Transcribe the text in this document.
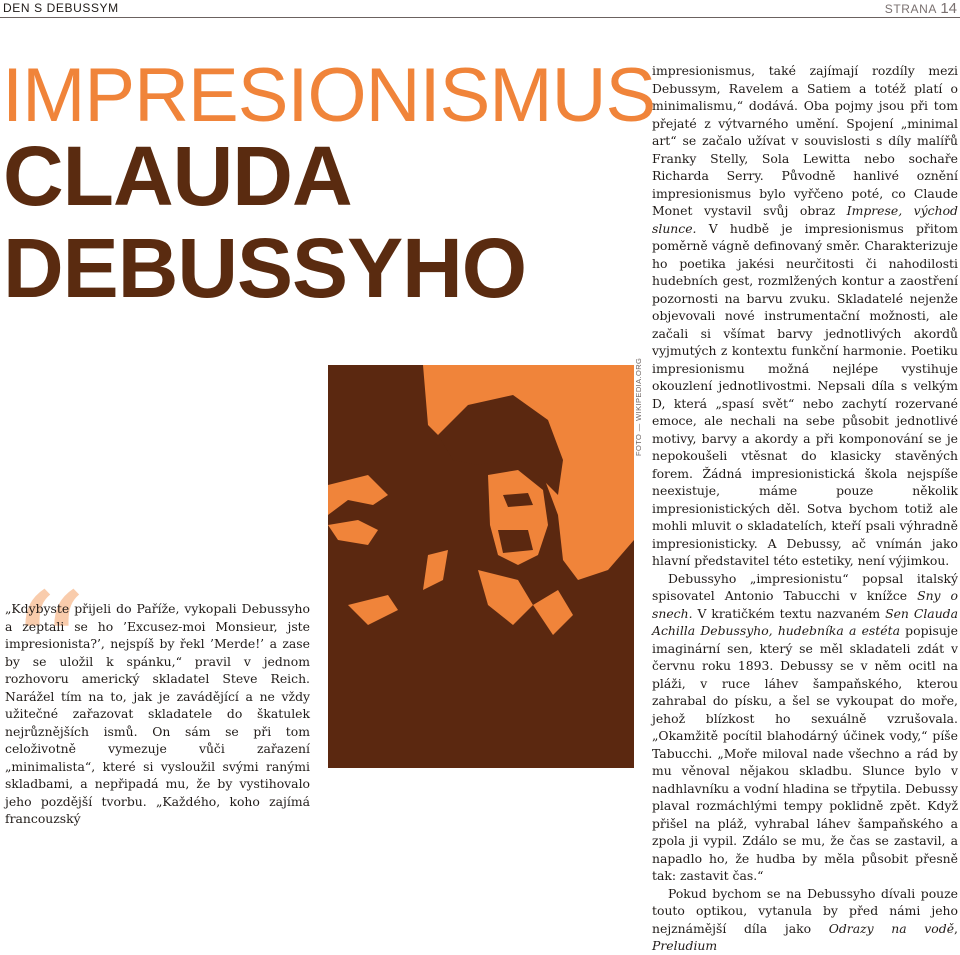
DEN S DEBUSSYM	STRANA 14
IMPRESIONISMUS
CLAUDA
DEBUSSYHO
FOTO — WIKIPEDIA.ORG
“

„Kdybyste přijeli do Paříže, vykopali Debussyho a zeptali se ho ’Excusez-moi Monsieur, jste impresionista?’, nejspíš by řekl ’Merde!’ a zase by se uložil k spánku,“ pravil v jednom rozhovoru americký skladatel Steve Reich. Narážel tím na to, jak je zavádějící a ne vždy užitečné zařazovat skladatele do škatulek nejrůznějších ismů. On sám se při tom celoživotně vymezuje vůči zařazení „minimalista“, které si vysloužil svými ranými skladbami, a nepřipadá mu, že by vystihovalo jeho pozdější tvorbu. „Každého, koho zajímá francouzský

impresionismus, také zajímají rozdíly mezi Debussym, Ravelem a Satiem a totéž platí o minimalismu,“ dodává. Oba pojmy jsou při tom přejaté z výtvarného umění. Spojení „minimal art“ se začalo užívat v souvislosti s díly malířů Franky Stelly, Sola Lewitta nebo sochaře Richarda Serry. Původně hanlivé oznění impresionismus bylo vyřčeno poté, co Claude Monet vystavil svůj obraz Imprese, východ slunce. V hudbě je impresionismus přitom poměrně vágně definovaný směr. Charakterizuje ho poetika jakési neurčitosti či nahodilosti hudebních gest, rozmlžených kontur a zaostření pozornosti na barvu zvuku. Skladatelé nejenže objevovali nové instrumentační možnosti, ale začali si všímat barvy jednotlivých akordů vyjmutých z kontextu funkční harmonie. Poetiku impresionismu možná nejlépe vystihuje okouzlení jednotlivostmi. Nepsali díla s velkým D, která „spasí svět“ nebo zachytí rozervané emoce, ale nechali na sebe působit jednotlivé motivy, barvy a akordy a při komponování se je nepokoušeli vtěsnat do klasicky stavěných forem. Žádná impresionistická škola nejspíše neexistuje, máme pouze několik impresionistických děl. Sotva bychom totiž ale mohli mluvit o skladatelích, kteří psali výhradně impresionisticky. A Debussy, ač vnímán jako hlavní představitel této estetiky, není výjimkou.

Debussyho „impresionistu“ popsal italský spisovatel Antonio Tabucchi v knížce Sny o snech. V kratičkém textu nazvaném Sen Clauda Achilla Debussyho, hudebníka a estéta popisuje imaginární sen, který se měl skladateli zdát v červnu roku 1893. Debussy se v něm ocitl na pláži, v ruce láhev šampaňského, kterou zahrabal do písku, a šel se vykoupat do moře, jehož blízkost ho sexuálně vzrušovala. „Okamžitě pocítil blahodárný účinek vody,“ píše Tabucchi. „Moře miloval nade všechno a rád by mu věnoval nějakou skladbu. Slunce bylo v nadhlavníku a vodní hladina se třpytila. Debussy plaval rozmáchlými tempy poklidně zpět. Když přišel na pláž, vyhrabal láhev šampaňského a zpola ji vypil. Zdálo se mu, že čas se zastavil, a napadlo ho, že hudba by měla působit přesně tak: zastavit čas.“

Pokud bychom se na Debussyho dívali pouze touto optikou, vytanula by před námi jeho nejznámější díla jako Odrazy na vodě, Preludium
